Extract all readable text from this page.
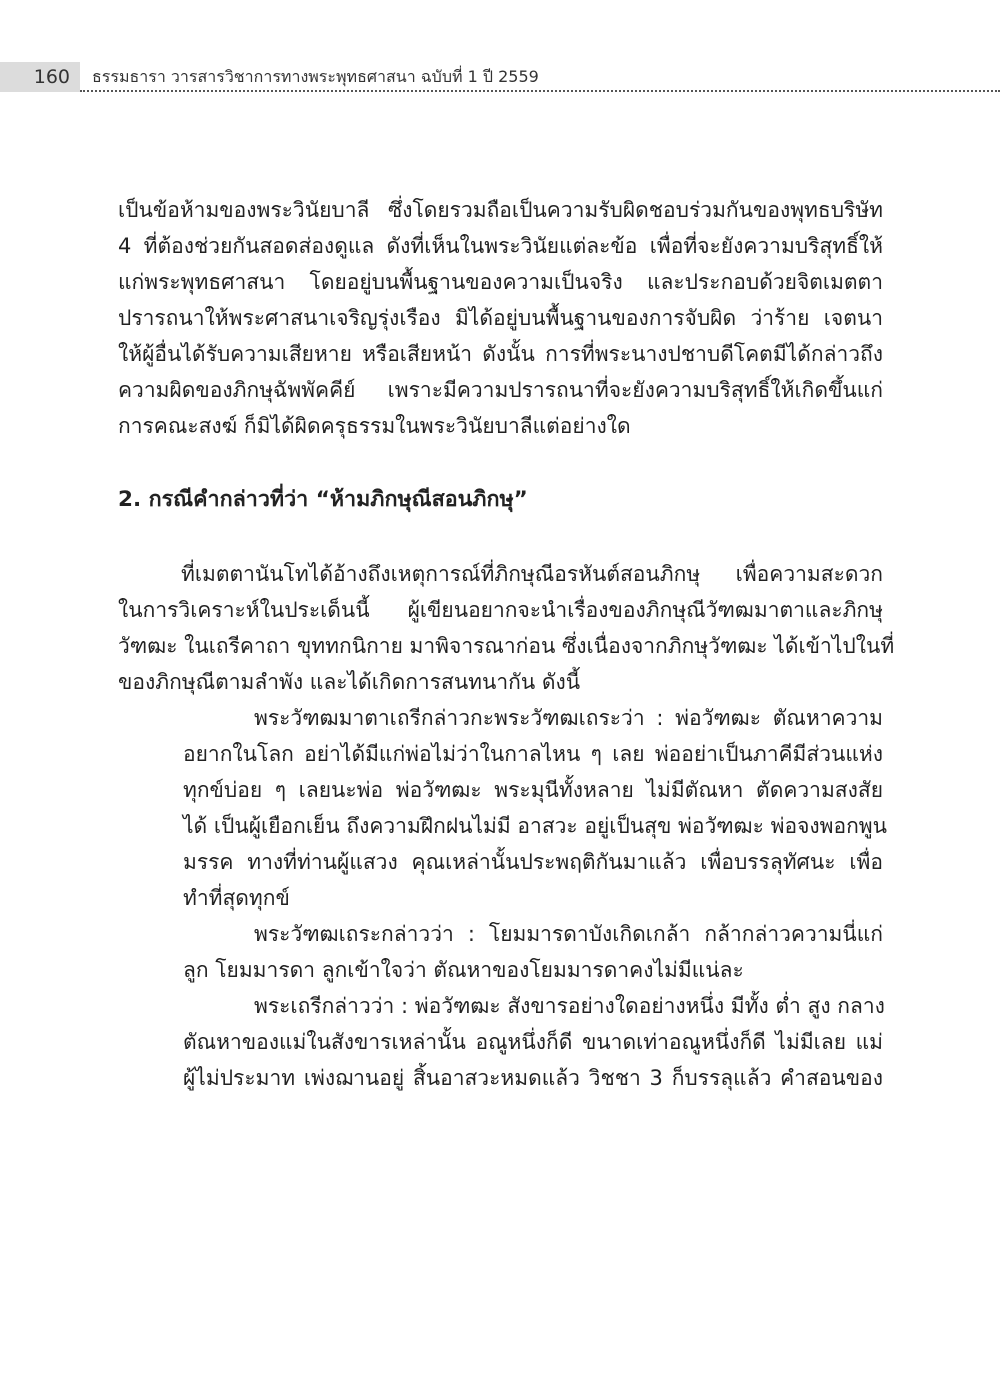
160	ธรรมธารา วารสารวิชาการทางพระพุทธศาสนา ฉบับที่ 1 ปี 2559
เป็นข้อห้ามของพระวินัยบาลี ซึ่งโดยรวมถือเป็นความรับผิดชอบร่วมกันของพุทธบริษัท
4 ที่ต้องช่วยกันสอดส่องดูแล ดังที่เห็นในพระวินัยแต่ละข้อ เพื่อที่จะยังความบริสุทธิ์ให้
แก่พระพุทธศาสนา โดยอยู่บนพื้นฐานของความเป็นจริง และประกอบด้วยจิตเมตตา
ปรารถนาให้พระศาสนาเจริญรุ่งเรือง มิได้อยู่บนพื้นฐานของการจับผิด ว่าร้าย เจตนา
ให้ผู้อื่นได้รับความเสียหาย หรือเสียหน้า ดังนั้น การที่พระนางปชาบดีโคตมีได้กล่าวถึง
ความผิดของภิกษุฉัพพัคคีย์ เพราะมีความปรารถนาที่จะยังความบริสุทธิ์ให้เกิดขึ้นแก่
การคณะสงฆ์ ก็มิได้ผิดครุธรรมในพระวินัยบาลีแต่อย่างใด
2. กรณีคำกล่าวที่ว่า “ห้ามภิกษุณีสอนภิกษุ”
ที่เมตตานันโทได้อ้างถึงเหตุการณ์ที่ภิกษุณีอรหันต์สอนภิกษุ เพื่อความสะดวก
ในการวิเคราะห์ในประเด็นนี้ ผู้เขียนอยากจะนำเรื่องของภิกษุณีวัฑฒมาตาและภิกษุ
วัฑฒะ ในเถรีคาถา ขุททกนิกาย มาพิจารณาก่อน ซึ่งเนื่องจากภิกษุวัฑฒะ ได้เข้าไปในที่
ของภิกษุณีตามลำพัง และได้เกิดการสนทนากัน ดังนี้
พระวัฑฒมาตาเถรีกล่าวกะพระวัฑฒเถระว่า : พ่อวัฑฒะ ตัณหาความ
อยากในโลก อย่าได้มีแก่พ่อไม่ว่าในกาลไหน ๆ เลย พ่ออย่าเป็นภาคีมีส่วนแห่ง
ทุกข์บ่อย ๆ เลยนะพ่อ พ่อวัฑฒะ พระมุนีทั้งหลาย ไม่มีตัณหา ตัดความสงสัย
ได้ เป็นผู้เยือกเย็น ถึงความฝึกฝนไม่มี อาสวะ อยู่เป็นสุข พ่อวัฑฒะ พ่อจงพอกพูน
มรรค ทางที่ท่านผู้แสวง คุณเหล่านั้นประพฤติกันมาแล้ว เพื่อบรรลุทัศนะ เพื่อ
ทำที่สุดทุกข์
พระวัฑฒเถระกล่าวว่า : โยมมารดาบังเกิดเกล้า กล้ากล่าวความนี่แก่
ลูก โยมมารดา ลูกเข้าใจว่า ตัณหาของโยมมารดาคงไม่มีแน่ละ
พระเถรีกล่าวว่า : พ่อวัฑฒะ สังขารอย่างใดอย่างหนึ่ง มีทั้ง ต่ำ สูง กลาง
ตัณหาของแม่ในสังขารเหล่านั้น อณูหนึ่งก็ดี ขนาดเท่าอณูหนึ่งก็ดี ไม่มีเลย แม่
ผู้ไม่ประมาท เพ่งฌานอยู่ สิ้นอาสวะหมดแล้ว วิชชา 3 ก็บรรลุแล้ว คำสอนของ
